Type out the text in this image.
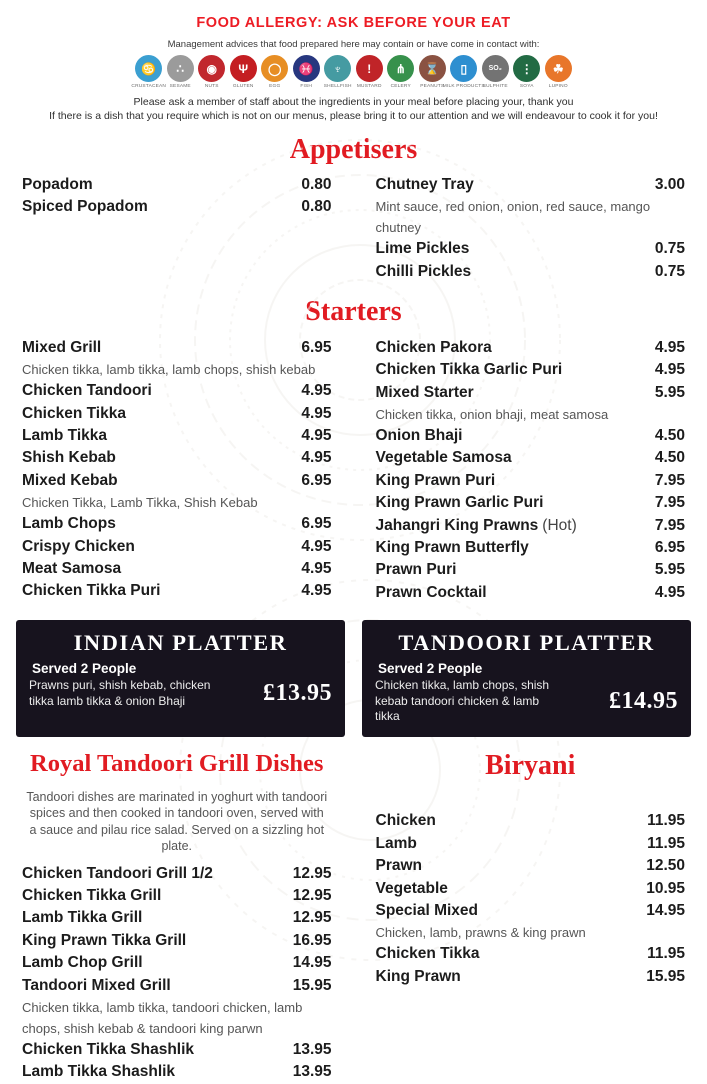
FOOD ALLERGY: ASK BEFORE YOUR EAT
Management advices that food prepared here may contain or have come in contact with:
♋
CRUSTACEAN
∴
SESAME
◉
NUTS
Ψ
GLUTEN
◯
EGG
♓
FISH
♆
SHELLFISH
!
MUSTARD
⋔
CELERY
⌛
PEANUTS
▯
MILK PRODUCTS
SO₂
SULPHITE
⋮
SOYA
☘
LUPINO
Please ask a member of staff about the ingredients in your meal before placing your, thank you
If there is a dish that you require which is not on our menus, please bring it to our attention and we will endeavour to cook it for you!
Appetisers
Popadom	0.80
Spiced Popadom	0.80
Chutney Tray	3.00
Mint sauce, red onion, onion, red sauce, mango chutney
Lime Pickles	0.75
Chilli Pickles	0.75
Starters
Mixed Grill	6.95
Chicken tikka, lamb tikka, lamb chops, shish kebab
Chicken Tandoori	4.95
Chicken Tikka	4.95
Lamb Tikka	4.95
Shish Kebab	4.95
Mixed Kebab	6.95
Chicken Tikka, Lamb Tikka, Shish Kebab
Lamb Chops	6.95
Crispy Chicken	4.95
Meat Samosa	4.95
Chicken Tikka Puri	4.95
Chicken Pakora	4.95
Chicken Tikka Garlic Puri	4.95
Mixed Starter	5.95
Chicken tikka, onion bhaji, meat samosa
Onion Bhaji	4.50
Vegetable Samosa	4.50
King Prawn Puri	7.95
King Prawn Garlic Puri	7.95
Jahangri King Prawns (Hot)	7.95
King Prawn Butterfly	6.95
Prawn Puri	5.95
Prawn Cocktail	4.95
INDIAN PLATTER
Served 2 People
Prawns puri, shish kebab, chicken tikka lamb tikka & onion Bhaji	£13.95
TANDOORI PLATTER
Served 2 People
Chicken tikka, lamb chops, shish kebab tandoori chicken & lamb tikka
£14.95
Royal Tandoori Grill Dishes
Tandoori dishes are marinated in yoghurt with tandoori spices and then cooked in tandoori oven, served with a sauce and pilau rice salad. Served on a sizzling hot plate.
Chicken Tandoori Grill 1/2	12.95
Chicken Tikka Grill	12.95
Lamb Tikka Grill	12.95
King Prawn Tikka Grill	16.95
Lamb Chop Grill	14.95
Tandoori Mixed Grill	15.95
Chicken tikka, lamb tikka, tandoori chicken, lamb chops, shish kebab & tandoori king parwn
Chicken Tikka Shashlik	13.95
Lamb Tikka Shashlik	13.95
Biryani
Chicken	11.95
Lamb	11.95
Prawn	12.50
Vegetable	10.95
Special Mixed	14.95
Chicken, lamb, prawns & king prawn
Chicken Tikka	11.95
King Prawn	15.95
